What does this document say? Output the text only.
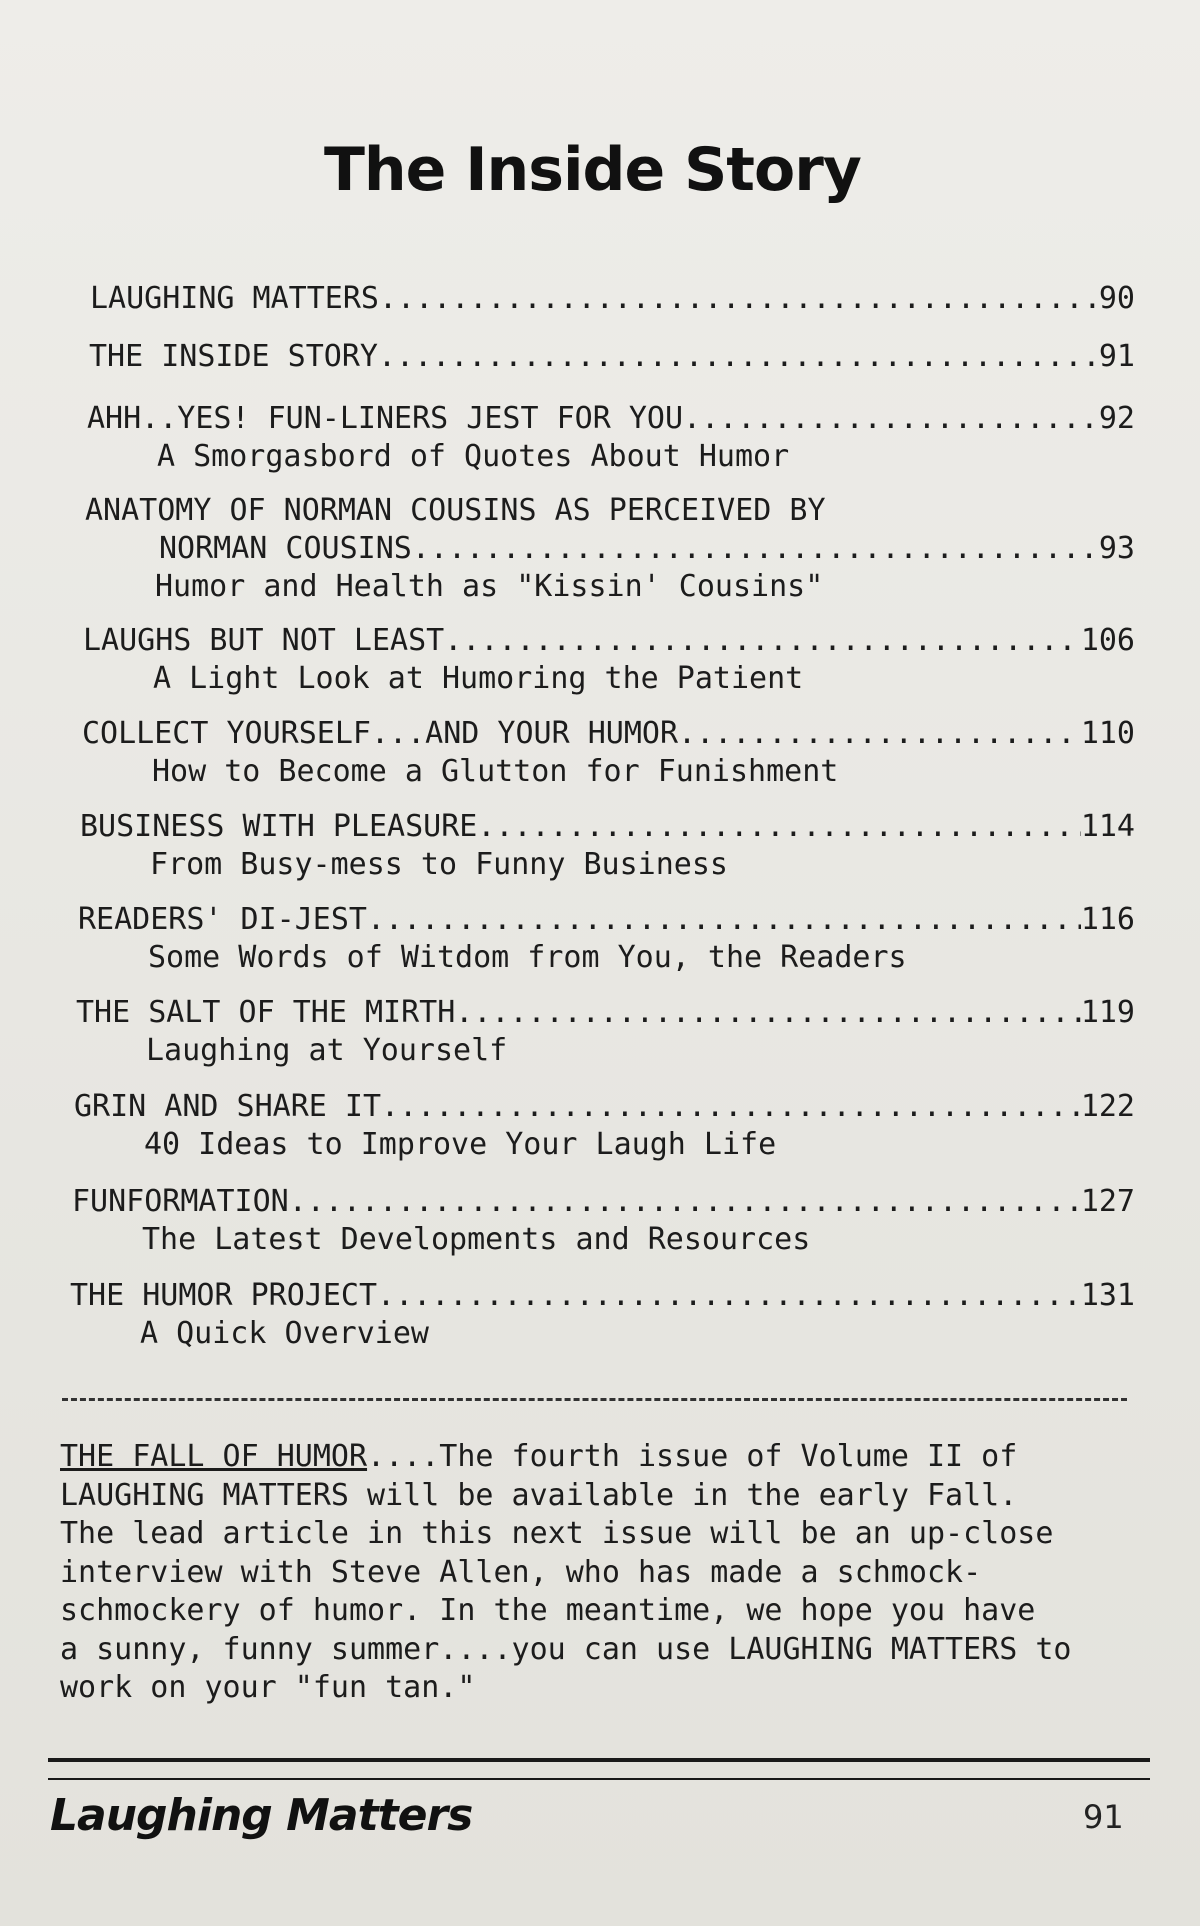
The Inside Story
LAUGHING MATTERS .....	90
THE INSIDE STORY .....	91
AHH..YES! FUN-LINERS JEST FOR YOU .....	92
A Smorgasbord of Quotes About Humor
ANATOMY OF NORMAN COUSINS AS PERCEIVED BY
NORMAN COUSINS .....	93
Humor and Health as "Kissin' Cousins"
LAUGHS BUT NOT LEAST .....	106
A Light Look at Humoring the Patient
COLLECT YOURSELF...AND YOUR HUMOR .....	110
How to Become a Glutton for Funishment
BUSINESS WITH PLEASURE .....	114
From Busy-mess to Funny Business
READERS' DI-JEST .....	116
Some Words of Witdom from You, the Readers
THE SALT OF THE MIRTH .....	119
Laughing at Yourself
GRIN AND SHARE IT .....	122
40 Ideas to Improve Your Laugh Life
FUNFORMATION .....	127
The Latest Developments and Resources
THE HUMOR PROJECT .....	131
A Quick Overview
THE FALL OF HUMOR....The fourth issue of Volume II of
LAUGHING MATTERS will be available in the early Fall.
The lead article in this next issue will be an up-close
interview with Steve Allen, who has made a schmock-
schmockery of humor. In the meantime, we hope you have
a sunny, funny summer....you can use LAUGHING MATTERS to
work on your "fun tan."
Laughing Matters	91
